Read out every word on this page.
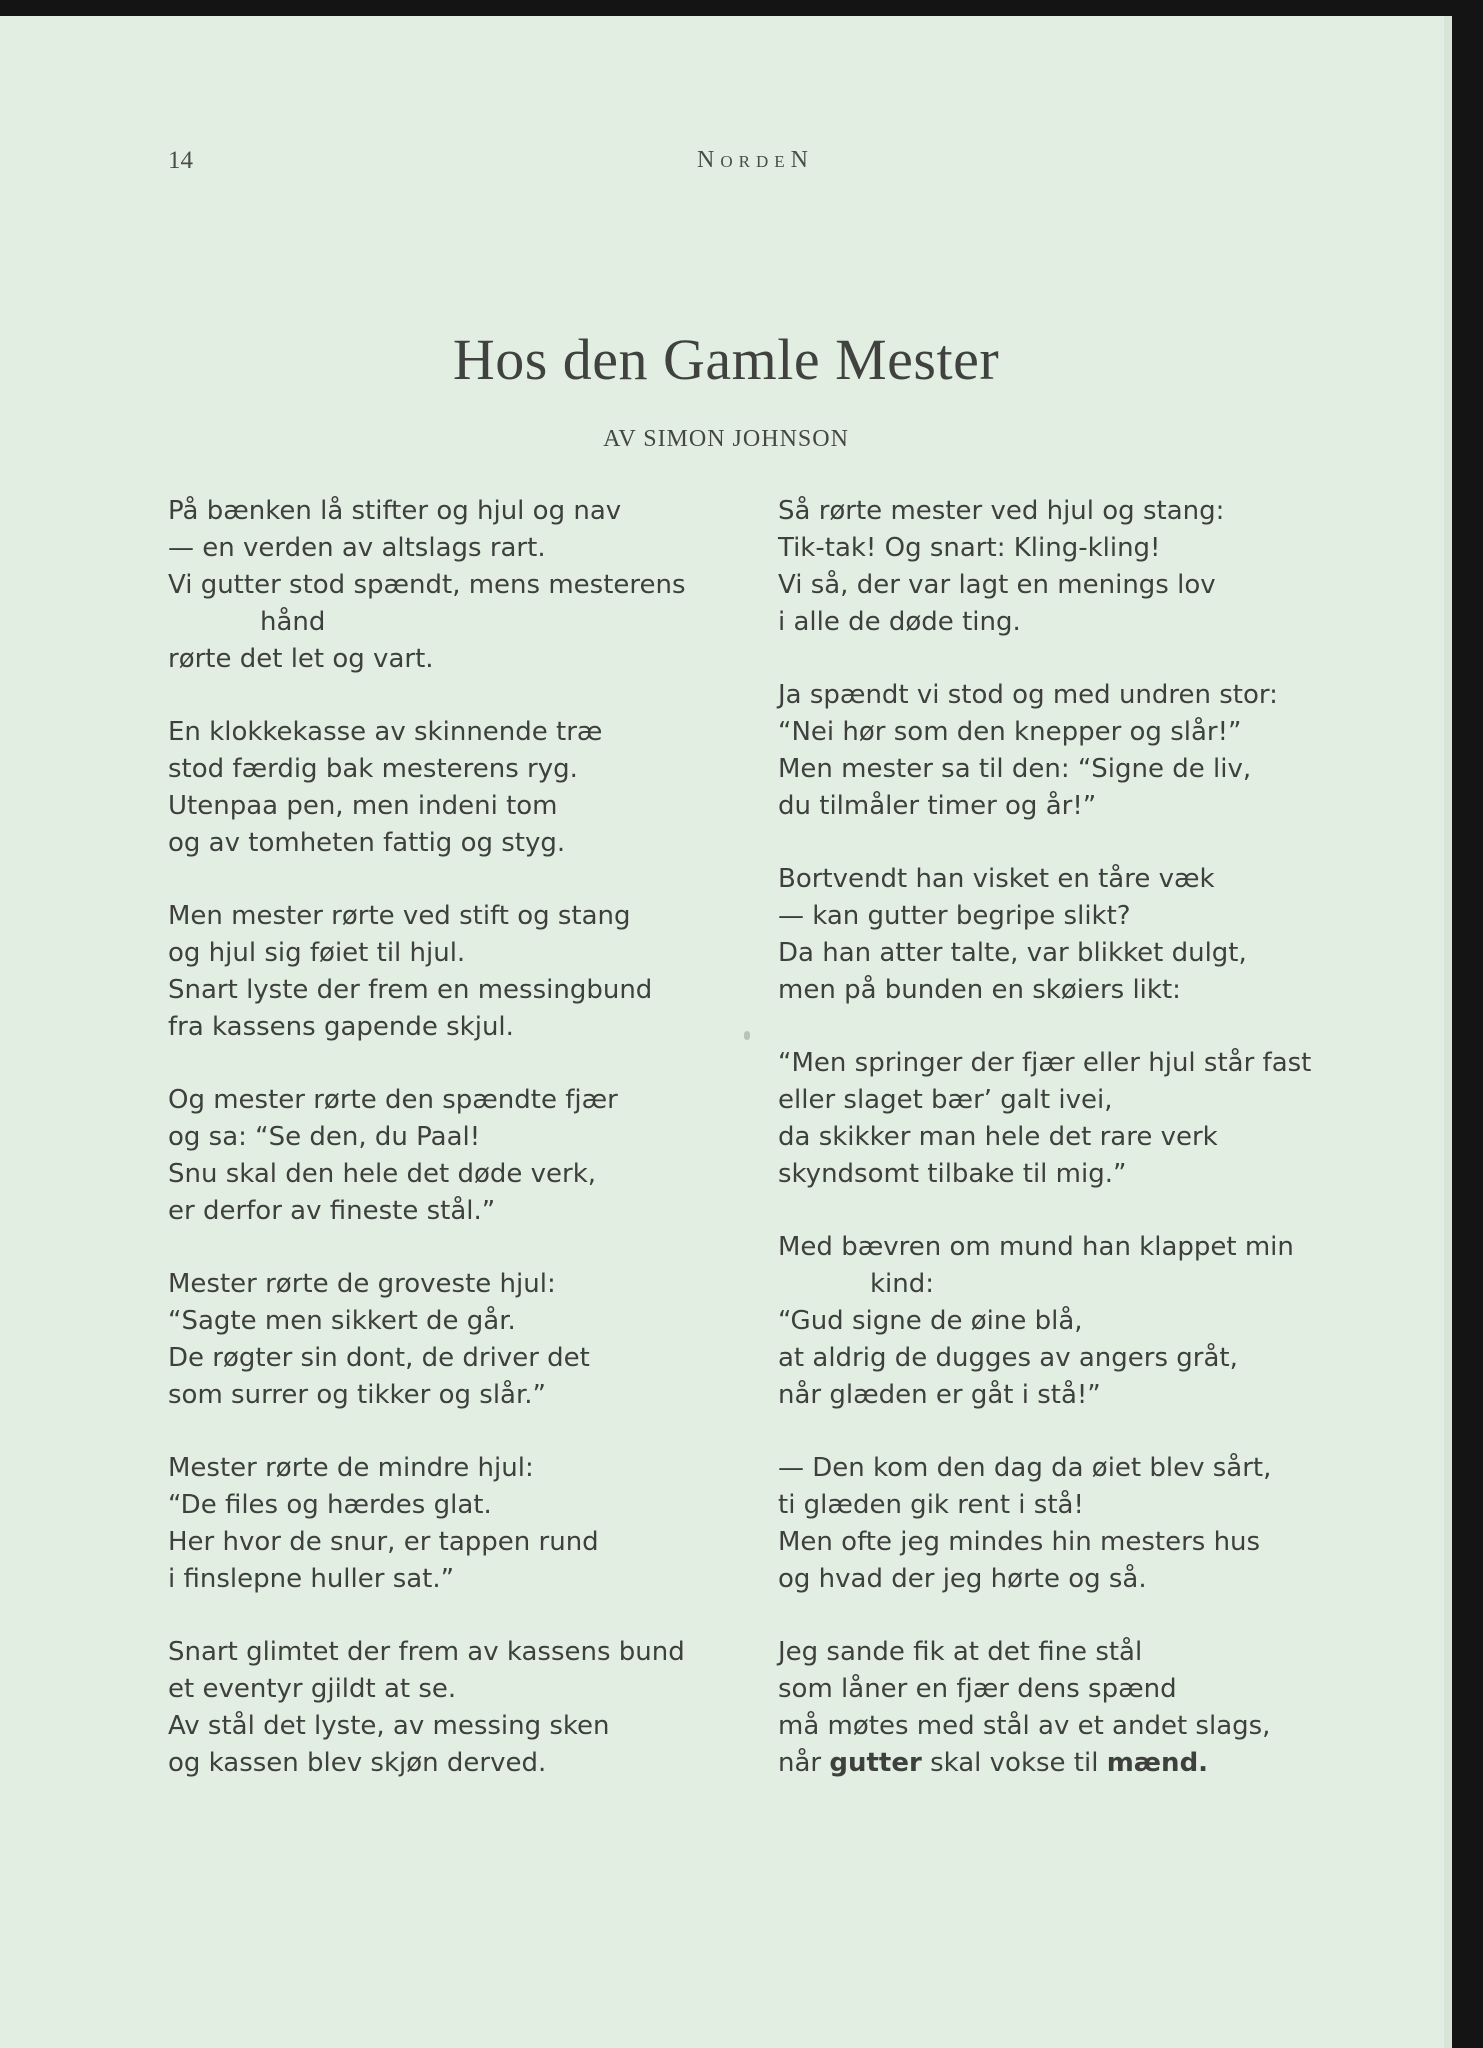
14	NordeN
Hos den Gamle Mester
AV SIMON JOHNSON
På bænken lå stifter og hjul og nav
— en verden av altslags rart.
Vi gutter stod spændt, mens mesterens
hånd
rørte det let og vart.
En klokkekasse av skinnende træ
stod færdig bak mesterens ryg.
Utenpaa pen, men indeni tom
og av tomheten fattig og styg.
Men mester rørte ved stift og stang
og hjul sig føiet til hjul.
Snart lyste der frem en messingbund
fra kassens gapende skjul.
Og mester rørte den spændte fjær
og sa: “Se den, du Paal!
Snu skal den hele det døde verk,
er derfor av fineste stål.”
Mester rørte de groveste hjul:
“Sagte men sikkert de går.
De røgter sin dont, de driver det
som surrer og tikker og slår.”
Mester rørte de mindre hjul:
“De files og hærdes glat.
Her hvor de snur, er tappen rund
i finslepne huller sat.”
Snart glimtet der frem av kassens bund
et eventyr gjildt at se.
Av stål det lyste, av messing sken
og kassen blev skjøn derved.
Så rørte mester ved hjul og stang:
Tik-tak! Og snart: Kling-kling!
Vi så, der var lagt en menings lov
i alle de døde ting.
Ja spændt vi stod og med undren stor:
“Nei hør som den knepper og slår!”
Men mester sa til den: “Signe de liv,
du tilmåler timer og år!”
Bortvendt han visket en tåre væk
— kan gutter begripe slikt?
Da han atter talte, var blikket dulgt,
men på bunden en skøiers likt:
“Men springer der fjær eller hjul står fast
eller slaget bær’ galt ivei,
da skikker man hele det rare verk
skyndsomt tilbake til mig.”
Med bævren om mund han klappet min
kind:
“Gud signe de øine blå,
at aldrig de dugges av angers gråt,
når glæden er gåt i stå!”
— Den kom den dag da øiet blev sårt,
ti glæden gik rent i stå!
Men ofte jeg mindes hin mesters hus
og hvad der jeg hørte og så.
Jeg sande fik at det fine stål
som låner en fjær dens spænd
må møtes med stål av et andet slags,
når gutter skal vokse til mænd.
